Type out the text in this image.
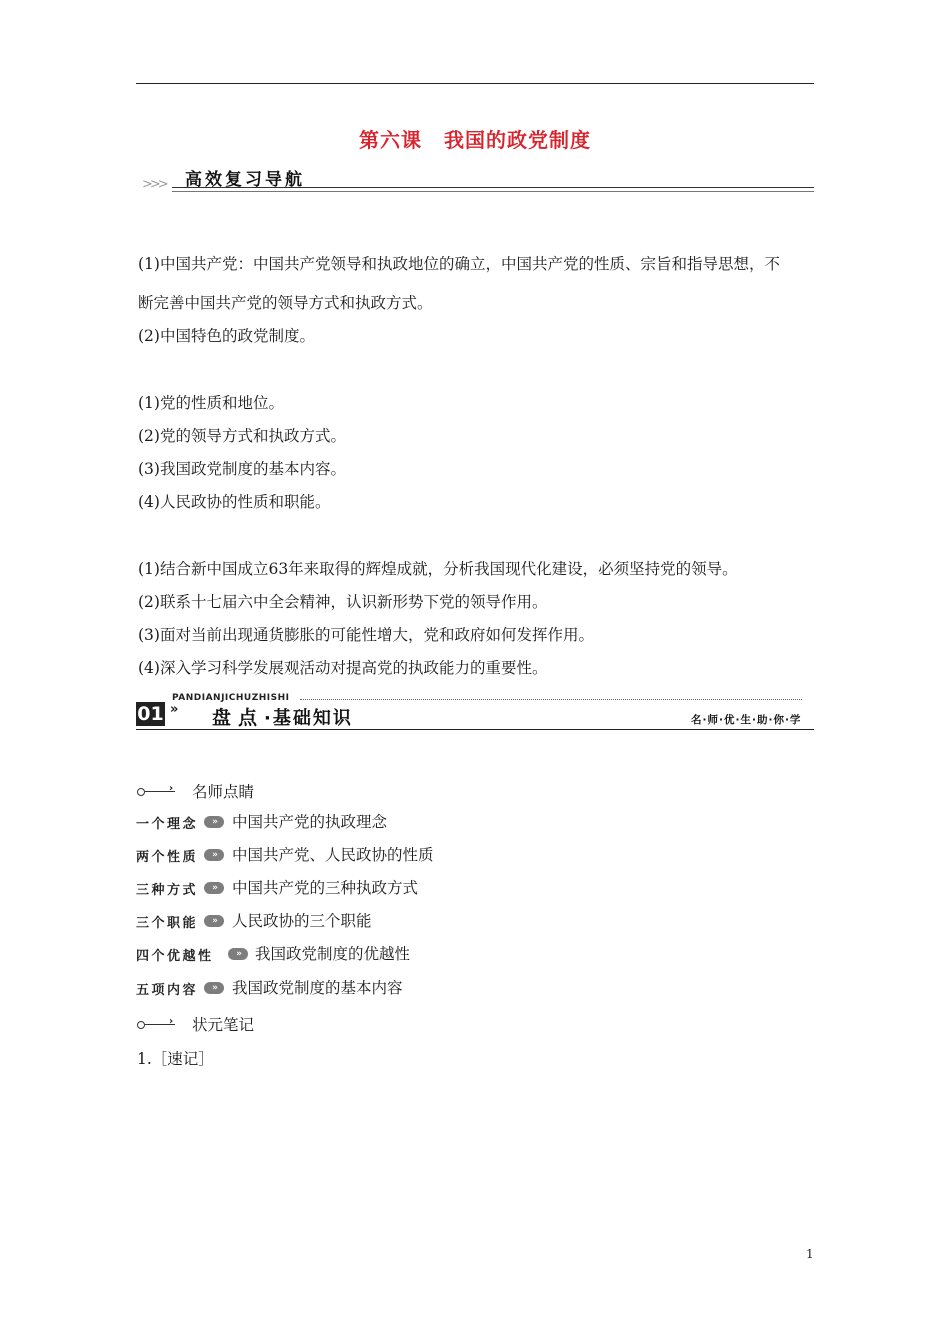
第六课 我国的政党制度
>>> 高效复习导航
(1)中国共产党：中国共产党领导和执政地位的确立，中国共产党的性质、宗旨和指导思想，不
断完善中国共产党的领导方式和执政方式。
(2)中国特色的政党制度。
(1)党的性质和地位。
(2)党的领导方式和执政方式。
(3)我国政党制度的基本内容。
(4)人民政协的性质和职能。
(1)结合新中国成立63年来取得的辉煌成就，分析我国现代化建设，必须坚持党的领导。
(2)联系十七届六中全会精神，认识新形势下党的领导作用。
(3)面对当前出现通货膨胀的可能性增大，党和政府如何发挥作用。
(4)深入学习科学发展观活动对提高党的执政能力的重要性。
PANDIANJICHUZHISHI
01 » 盘点·基础知识	名·师·优·生·助·你·学
› 名师点睛
一个理念	»	中国共产党的执政理念
两个性质	»	中国共产党、人民政协的性质
三种方式	»	中国共产党的三种执政方式
三个职能	»	人民政协的三个职能
四个优越性	» 我国政党制度的优越性
五项内容	»	我国政党制度的基本内容
› 状元笔记
1.［速记］
1
